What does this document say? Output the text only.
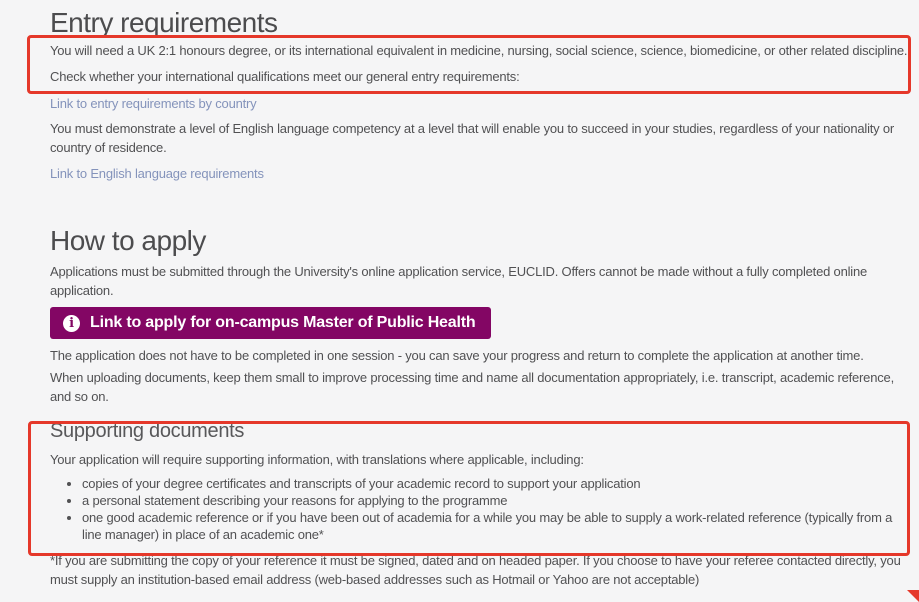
Entry requirements

You will need a UK 2:1 honours degree, or its international equivalent in medicine, nursing, social science, science, biomedicine, or other related discipline.

Check whether your international qualifications meet our general entry requirements:

Link to entry requirements by country

You must demonstrate a level of English language competency at a level that will enable you to succeed in your studies, regardless of your nationality or country of residence.

Link to English language requirements

How to apply

Applications must be submitted through the University's online application service, EUCLID. Offers cannot be made without a fully completed online application.

i	Link to apply for on-campus Master of Public Health

The application does not have to be completed in one session - you can save your progress and return to complete the application at another time.

When uploading documents, keep them small to improve processing time and name all documentation appropriately, i.e. transcript, academic reference, and so on.

Supporting documents

Your application will require supporting information, with translations where applicable, including:

• copies of your degree certificates and transcripts of your academic record to support your application
• a personal statement describing your reasons for applying to the programme
• one good academic reference or if you have been out of academia for a while you may be able to supply a work-related reference (typically from a line manager) in place of an academic one*

*If you are submitting the copy of your reference it must be signed, dated and on headed paper. If you choose to have your referee contacted directly, you must supply an institution-based email address (web-based addresses such as Hotmail or Yahoo are not acceptable)
